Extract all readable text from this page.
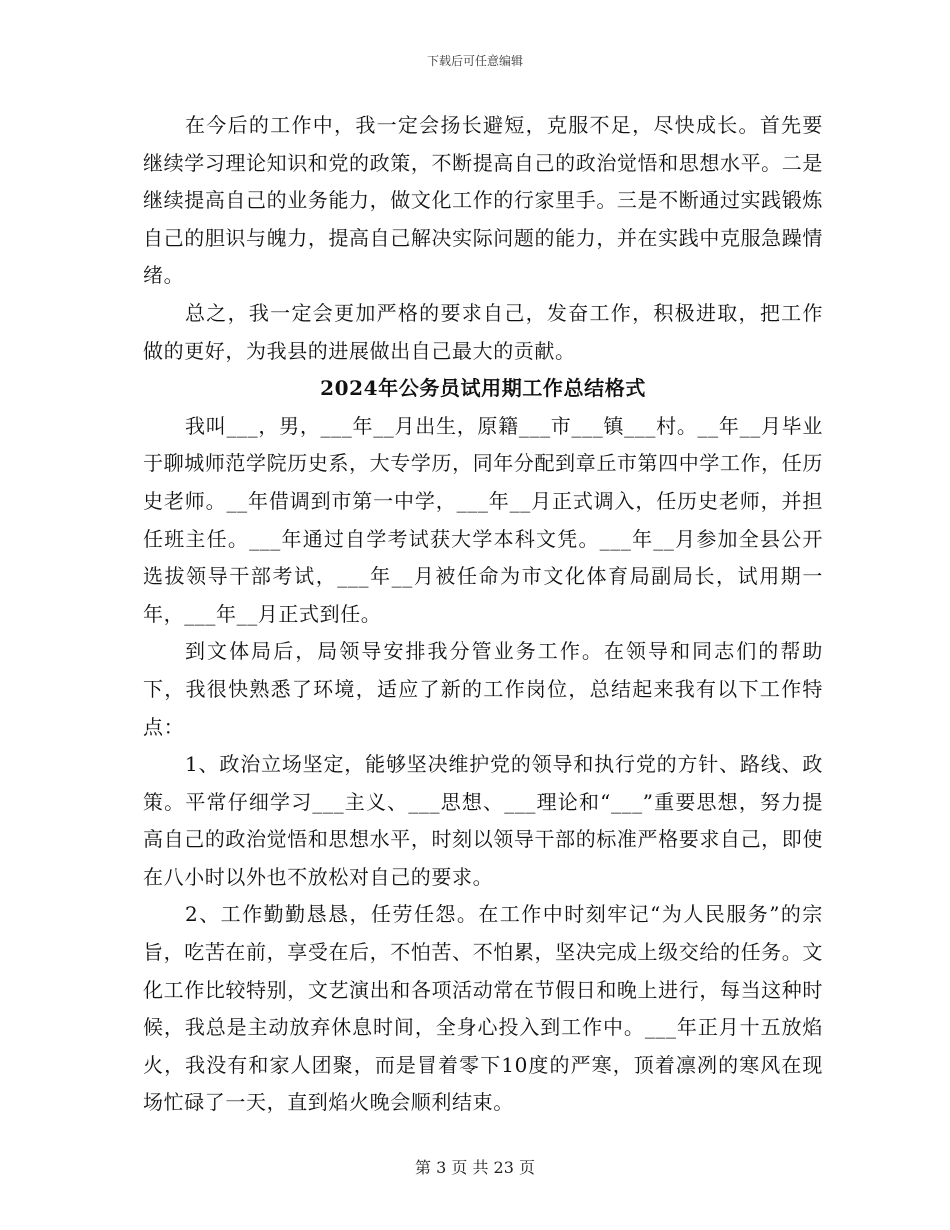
下载后可任意编辑

在今后的工作中，我一定会扬长避短，克服不足，尽快成长。首先要继续学习理论知识和党的政策，不断提高自己的政治觉悟和思想水平。二是继续提高自己的业务能力，做文化工作的行家里手。三是不断通过实践锻炼自己的胆识与魄力，提高自己解决实际问题的能力，并在实践中克服急躁情绪。

总之，我一定会更加严格的要求自己，发奋工作，积极进取，把工作做的更好，为我县的进展做出自己最大的贡献。

2024年公务员试用期工作总结格式

我叫___，男，___年__月出生，原籍___市___镇___村。__年__月毕业于聊城师范学院历史系，大专学历，同年分配到章丘市第四中学工作，任历史老师。__年借调到市第一中学，___年__月正式调入，任历史老师，并担任班主任。___年通过自学考试获大学本科文凭。___年__月参加全县公开选拔领导干部考试，___年__月被任命为市文化体育局副局长，试用期一年，___年__月正式到任。

到文体局后，局领导安排我分管业务工作。在领导和同志们的帮助下，我很快熟悉了环境，适应了新的工作岗位，总结起来我有以下工作特点：

1、政治立场坚定，能够坚决维护党的领导和执行党的方针、路线、政策。平常仔细学习___主义、___思想、___理论和“___”重要思想，努力提高自己的政治觉悟和思想水平，时刻以领导干部的标准严格要求自己，即使在八小时以外也不放松对自己的要求。

2、工作勤勤恳恳，任劳任怨。在工作中时刻牢记“为人民服务”的宗旨，吃苦在前，享受在后，不怕苦、不怕累，坚决完成上级交给的任务。文化工作比较特别，文艺演出和各项活动常在节假日和晚上进行，每当这种时候，我总是主动放弃休息时间，全身心投入到工作中。___年正月十五放焰火，我没有和家人团聚，而是冒着零下10度的严寒，顶着凛冽的寒风在现场忙碌了一天，直到焰火晚会顺利结束。

第 3 页 共 23 页
